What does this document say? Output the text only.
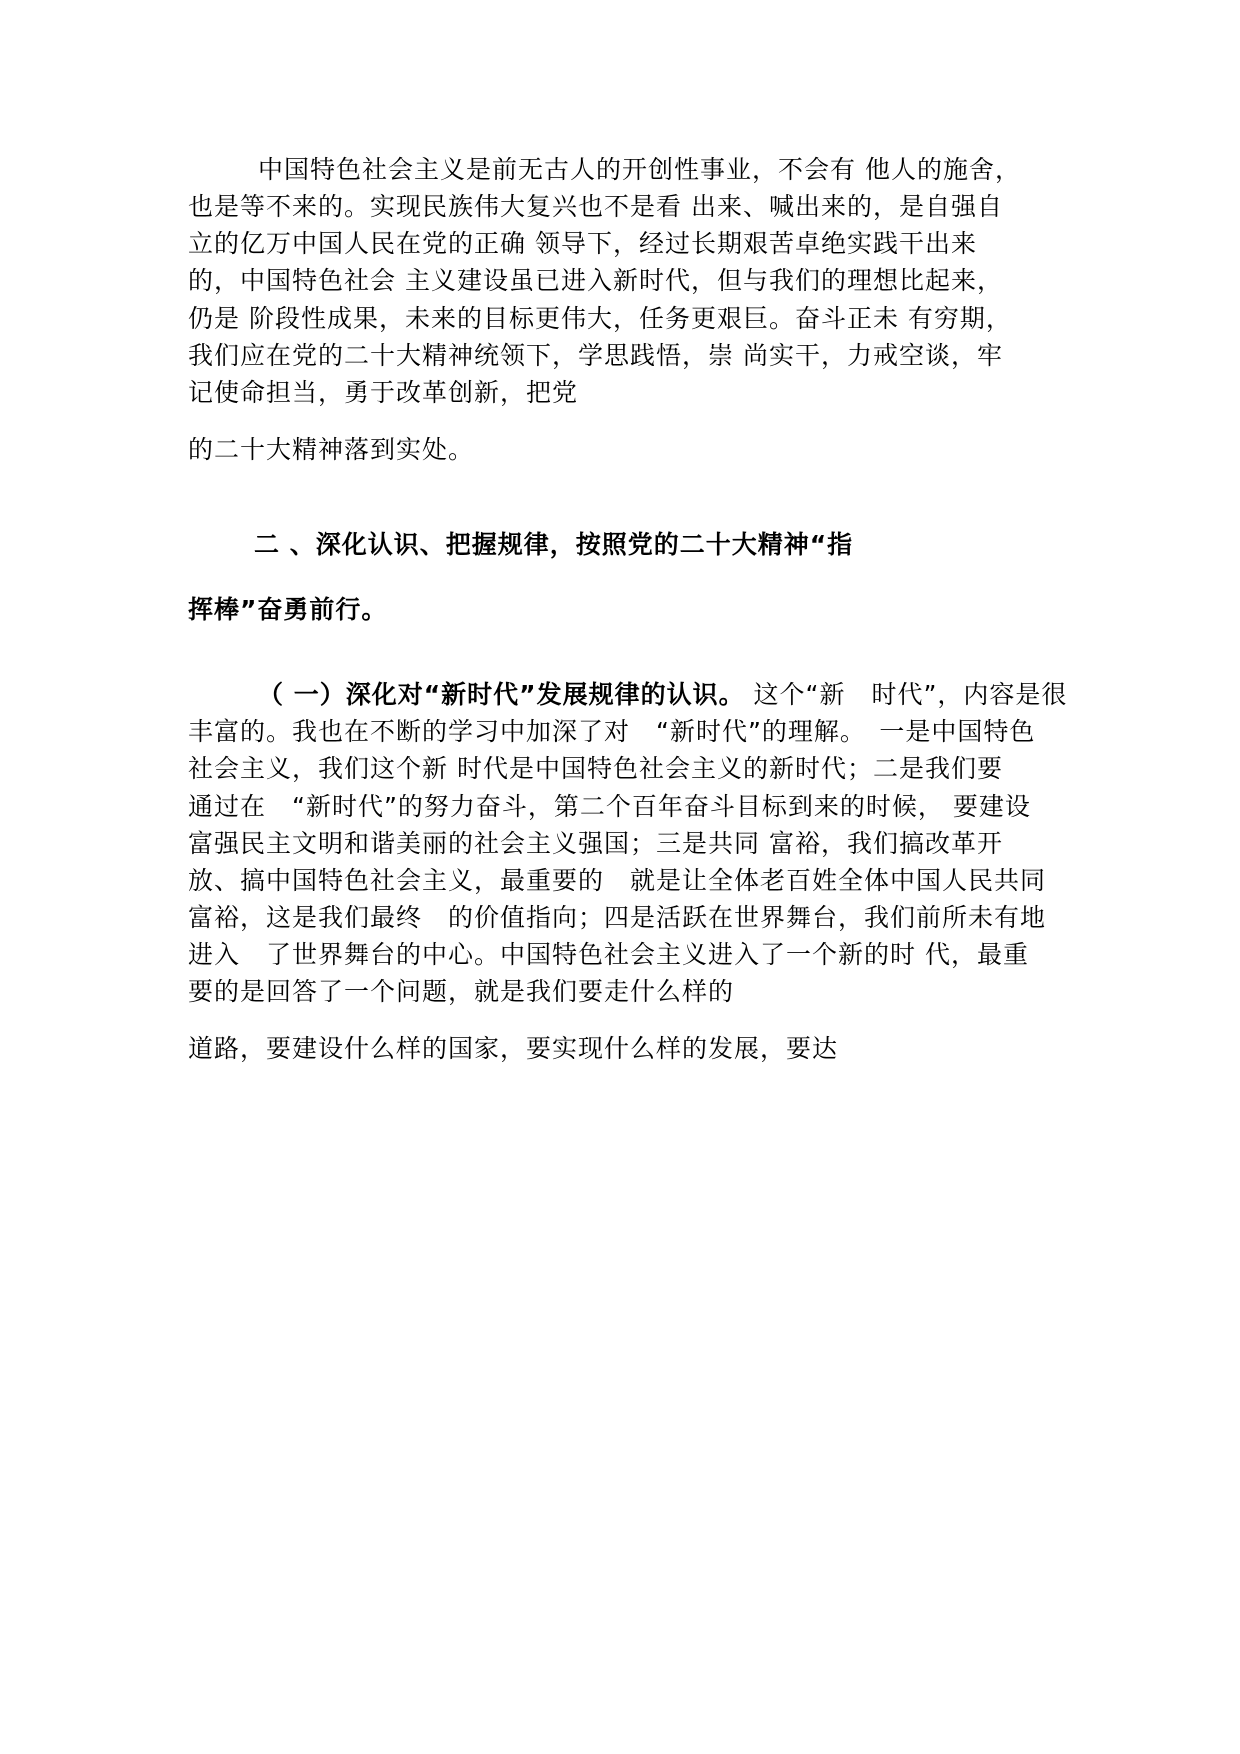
中国特色社会主义是前无古人的开创性事业，不会有 他人的施舍，
也是等不来的。实现民族伟大复兴也不是看 出来、喊出来的，是自强自
立的亿万中国人民在党的正确 领导下，经过长期艰苦卓绝实践干出来
的，中国特色社会 主义建设虽已进入新时代，但与我们的理想比起来，
仍是 阶段性成果，未来的目标更伟大，任务更艰巨。奋斗正未 有穷期，
我们应在党的二十大精神统领下，学思践悟，崇 尚实干，力戒空谈，牢
记使命担当，勇于改革创新，把党
的二十大精神落到实处。
二 、深化认识、把握规律，按照党的二十大精神“指
挥棒”奋勇前行。
（ 一）深化对“新时代”发展规律的认识。 这个“新　时代”，内容是很
丰富的。我也在不断的学习中加深了对　“新时代”的理解。　一是中国特色
社会主义，我们这个新 时代是中国特色社会主义的新时代；二是我们要
通过在　“新时代”的努力奋斗，第二个百年奋斗目标到来的时候， 要建设
富强民主文明和谐美丽的社会主义强国；三是共同 富裕，我们搞改革开
放、搞中国特色社会主义，最重要的　就是让全体老百姓全体中国人民共同
富裕，这是我们最终　的价值指向；四是活跃在世界舞台，我们前所未有地
进入　了世界舞台的中心。中国特色社会主义进入了一个新的时 代，最重
要的是回答了一个问题，就是我们要走什么样的
道路，要建设什么样的国家，要实现什么样的发展，要达
